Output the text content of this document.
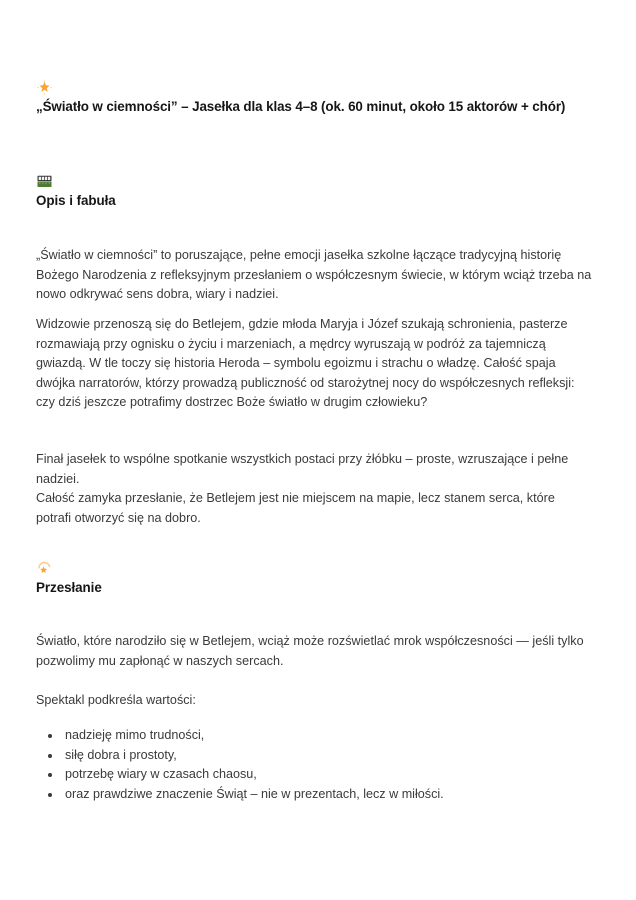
„Światło w ciemności” – Jasełka dla klas 4–8 (ok. 60 minut, około 15 aktorów + chór)
Opis i fabuła

„Światło w ciemności” to poruszające, pełne emocji jasełka szkolne łączące tradycyjną historię Bożego Narodzenia z refleksyjnym przesłaniem o współczesnym świecie, w którym wciąż trzeba na nowo odkrywać sens dobra, wiary i nadziei.

Widzowie przenoszą się do Betlejem, gdzie młoda Maryja i Józef szukają schronienia, pasterze rozmawiają przy ognisku o życiu i marzeniach, a mędrcy wyruszają w podróż za tajemniczą gwiazdą. W tle toczy się historia Heroda – symbolu egoizmu i strachu o władzę. Całość spaja dwójka narratorów, którzy prowadzą publiczność od starożytnej nocy do współczesnych refleksji: czy dziś jeszcze potrafimy dostrzec Boże światło w drugim człowieku?

Finał jasełek to wspólne spotkanie wszystkich postaci przy żłóbku – proste, wzruszające i pełne nadziei.
Całość zamyka przesłanie, że Betlejem jest nie miejscem na mapie, lecz stanem serca, które potrafi otworzyć się na dobro.

Przesłanie

Światło, które narodziło się w Betlejem, wciąż może rozświetlać mrok współczesności — jeśli tylko pozwolimy mu zapłonąć w naszych sercach.

Spektakl podkreśla wartości:

• nadzieję mimo trudności,
• siłę dobra i prostoty,
• potrzebę wiary w czasach chaosu,
• oraz prawdziwe znaczenie Świąt – nie w prezentach, lecz w miłości.
